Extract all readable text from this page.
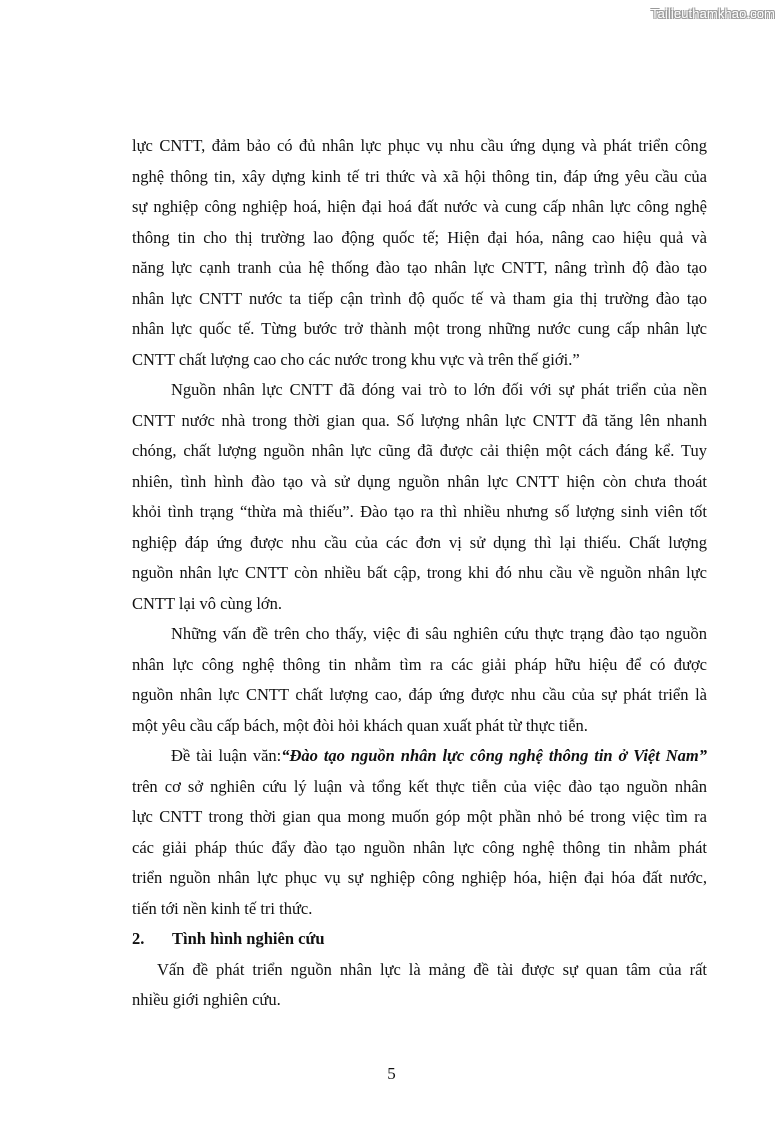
Tailieuthamkhao.com
lực CNTT, đảm bảo có đủ nhân lực phục vụ nhu cầu ứng dụng và phát triển công
nghệ thông tin, xây dựng kinh tế tri thức và xã hội thông tin, đáp ứng yêu cầu của
sự nghiệp công nghiệp hoá, hiện đại hoá đất nước và cung cấp nhân lực công nghệ
thông tin cho thị trường lao động quốc tế; Hiện đại hóa, nâng cao hiệu quả và
năng lực cạnh tranh của hệ thống đào tạo nhân lực CNTT, nâng trình độ đào tạo
nhân lực CNTT nước ta tiếp cận trình độ quốc tế và tham gia thị trường đào tạo
nhân lực quốc tế. Từng bước trở thành một trong những nước cung cấp nhân lực
CNTT chất lượng cao cho các nước trong khu vực và trên thế giới.”
Nguồn nhân lực CNTT đã đóng vai trò to lớn đối với sự phát triển của nền
CNTT nước nhà trong thời gian qua. Số lượng nhân lực CNTT đã tăng lên nhanh
chóng, chất lượng nguồn nhân lực cũng đã được cải thiện một cách đáng kể. Tuy
nhiên, tình hình đào tạo và sử dụng nguồn nhân lực CNTT hiện còn chưa thoát
khỏi tình trạng “thừa mà thiếu”. Đào tạo ra thì nhiều nhưng số lượng sinh viên tốt
nghiệp đáp ứng được nhu cầu của các đơn vị sử dụng thì lại thiếu. Chất lượng
nguồn nhân lực CNTT còn nhiều bất cập, trong khi đó nhu cầu về nguồn nhân lực
CNTT lại vô cùng lớn.
Những vấn đề trên cho thấy, việc đi sâu nghiên cứu thực trạng đào tạo nguồn
nhân lực công nghệ thông tin nhằm tìm ra các giải pháp hữu hiệu để có được
nguồn nhân lực CNTT chất lượng cao, đáp ứng được nhu cầu của sự phát triển là
một yêu cầu cấp bách, một đòi hỏi khách quan xuất phát từ thực tiễn.
Đề tài luận văn:“Đào tạo nguồn nhân lực công nghệ thông tin ở Việt Nam”
trên cơ sở nghiên cứu lý luận và tổng kết thực tiễn của việc đào tạo nguồn nhân
lực CNTT trong thời gian qua mong muốn góp một phần nhỏ bé trong việc tìm ra
các giải pháp thúc đẩy đào tạo nguồn nhân lực công nghệ thông tin nhằm phát
triển nguồn nhân lực phục vụ sự nghiệp công nghiệp hóa, hiện đại hóa đất nước,
tiến tới nền kinh tế tri thức.
2. Tình hình nghiên cứu
Vấn đề phát triển nguồn nhân lực là mảng đề tài được sự quan tâm của rất
nhiều giới nghiên cứu.
5
